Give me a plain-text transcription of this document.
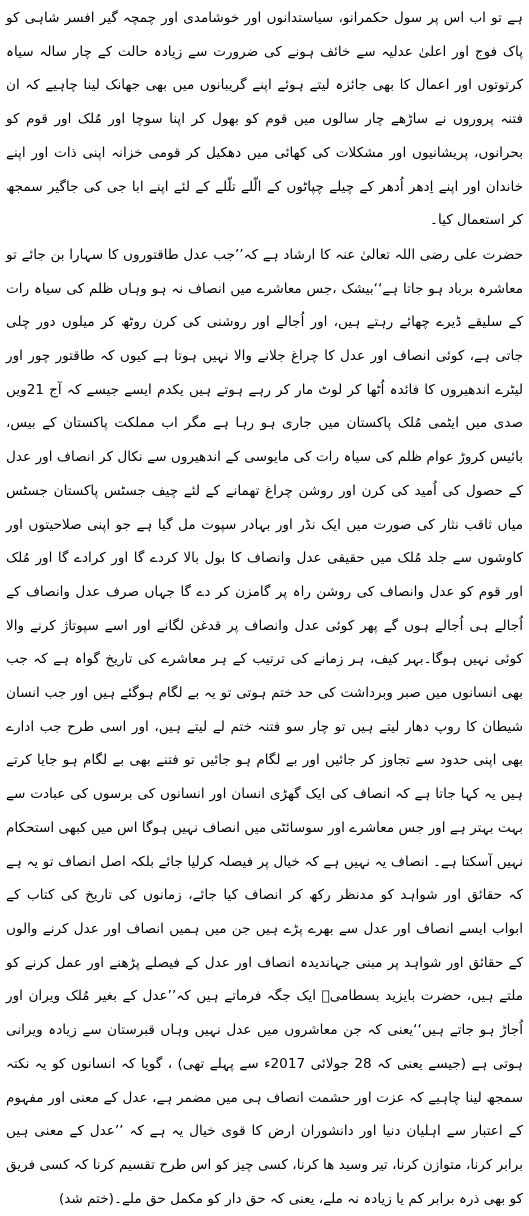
ہے تو اب اس پر سول حکمرانو، سیاستدانوں اور خوشامدی اور چمچہ گیر افسر شاہی کو پاک فوج اور اعلیٰ عدلیہ سے خائف ہونے کی ضرورت سے زیادہ حالت کے چار سالہ سیاہ کرتوتوں اور اعمال کا بھی جائزہ لیتے ہوئے اپنے گریبانوں میں بھی جھانک لینا چاہیے کہ ان فتنہ پروروں نے ساڑھے چار سالوں میں قوم کو بھول کر اپنا سوچا اور مُلک اور قوم کو بحرانوں، پریشانیوں اور مشکلات کی کھائی میں دھکیل کر قومی خزانہ اپنی ذات اور اپنے خاندان اور اپنے اِدھر اُدھر کے چیلے چپاٹوں کے الّلے تلّلے کے لئے اپنے ابا جی کی جاگیر سمجھ کر استعمال کیا۔

حضرت علی رضی اللہ تعالیٰ عنہ کا ارشاد ہے کہ’’جب عدل طاقتوروں کا سہارا بن جائے تو معاشرہ برباد ہو جاتا ہے‘‘بیشک ،جس معاشرے میں انصاف نہ ہو وہاں ظلم کی سیاہ رات کے سلیقے ڈیرے چھائے رہتے ہیں، اور اُجالے اور روشنی کی کرن روٹھ کر میلوں دور چلی جاتی ہے، کوئی انصاف اور عدل کا چراغ جلانے والا نہیں ہوتا ہے کیوں کہ طاقتور چور اور لیٹرے اندھیروں کا فائدہ اُٹھا کر لوٹ مار کر رہے ہوتے ہیں یکدم ایسے جیسے کہ آج 21ویں صدی میں ایٹمی مُلک پاکستان میں جاری ہو رہا ہے مگر اب مملکت پاکستان کے بیس، بائیس کروڑ عوام ظلم کی سیاہ رات کی مایوسی کے اندھیروں سے نکال کر انصاف اور عدل کے حصول کی اُمید کی کرن اور روشن چراغ تھمانے کے لئے چیف جسٹس پاکستان جسٹس میاں ثاقب نثار کی صورت میں ایک نڈر اور بہادر سپوت مل گیا ہے جو اپنی صلاحیتوں اور کاوشوں سے جلد مُلک میں حقیقی عدل وانصاف کا بول بالا کردے گا اور کرادے گا اور مُلک اور قوم کو عدل وانصاف کی روشن راہ پر گامزن کر دے گا جہاں صرف عدل وانصاف کے اُجالے ہی اُجالے ہوں گے پھر کوئی عدل وانصاف پر قدغن لگانے اور اسے سپوتاژ کرنے والا کوئی نہیں ہوگا۔بہر کیف، ہر زمانے کی ترتیب کے ہر معاشرے کی تاریخ گواہ ہے کہ جب بھی انسانوں میں صبر وبرداشت کی حد ختم ہوتی تو یہ بے لگام ہوگئے ہیں اور جب انسان شیطان کا روپ دھار لیتے ہیں تو چار سو فتنہ ختم لے لیتے ہیں، اور اسی طرح جب ادارے بھی اپنی حدود سے تجاوز کر جائیں اور بے لگام ہو جائیں تو فتنے بھی بے لگام ہو جایا کرتے ہیں یہ کہا جاتا ہے کہ انصاف کی ایک گھڑی انسان اور انسانوں کی برسوں کی عبادت سے بہت بہتر ہے اور جس معاشرے اور سوسائٹی میں انصاف نہیں ہوگا اس میں کبھی استحکام نہیں آسکتا ہے۔ انصاف یہ نہیں ہے کہ خیال پر فیصلہ کرلیا جائے بلکہ اصل انصاف تو یہ ہے کہ حقائق اور شواہد کو مدنظر رکھ کر انصاف کیا جائے، زمانوں کی تاریخ کی کتاب کے ابواب ایسے انصاف اور عدل سے بھرے پڑے ہیں جن میں ہمیں انصاف اور عدل کرنے والوں کے حقائق اور شواہد پر مبنی جہاندیدہ انصاف اور عدل کے فیصلے پڑھنے اور عمل کرنے کو ملتے ہیں، حضرت بایزید بسطامیؒ ایک جگہ فرماتے ہیں کہ’’عدل کے بغیر مُلک ویران اور اُجاڑ ہو جاتے ہیں‘‘یعنی کہ جن معاشروں میں عدل نہیں وہاں قبرستان سے زیادہ ویرانی ہوتی ہے (جیسے یعنی کہ 28 جولائی 2017ء سے پہلے تھی) ، گویا کہ انسانوں کو یہ نکتہ سمجھ لینا چاہیے کہ عزت اور حشمت انصاف ہی میں مضمر ہے، عدل کے معنی اور مفہوم کے اعتبار سے اہلیان دنیا اور دانشوران ارض کا قوی خیال یہ ہے کہ ’’عدل کے معنی ہیں برابر کرنا، متوازن کرنا، تیر وسید ھا کرنا، کسی چیز کو اس طرح تقسیم کرنا کہ کسی فریق کو بھی ذرہ برابر کم یا زیادہ نہ ملے، یعنی کہ حق دار کو مکمل حق ملے۔(ختم شد)
